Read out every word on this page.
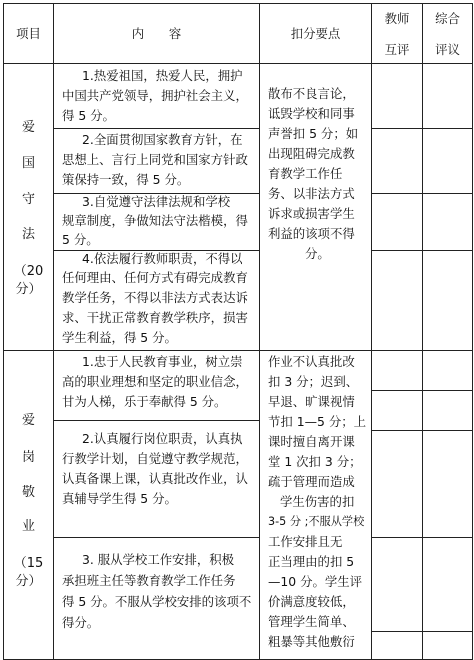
项目	内　　容	扣分要点
教师
互评
综合
评议
爱
国
守
法
（20
分）
1.热爱祖国，热爱人民，拥护
中国共产党领导，拥护社会主义，
得 5 分。
2.全面贯彻国家教育方针，在
思想上、言行上同党和国家方针政
策保持一致，得 5 分。
3.自觉遵守法律法规和学校
规章制度，争做知法守法楷模，得
5 分。
4.依法履行教师职责，不得以
任何理由、任何方式有碍完成教育
教学任务，不得以非法方式表达诉
求、干扰正常教育教学秩序，损害
学生利益，得 5 分。
散布不良言论，
诋毁学校和同事
声誉扣 5 分；如
出现阻碍完成教
育教学工作任
务、以非法方式
诉求或损害学生
利益的该项不得
分。
爱
岗
敬
业
（15
分）
1.忠于人民教育事业，树立崇
高的职业理想和坚定的职业信念，
甘为人梯，乐于奉献得 5 分。
2.认真履行岗位职责，认真执
行教学计划，自觉遵守教学规范，
认真备课上课，认真批改作业，认
真辅导学生得 5 分。
3. 服从学校工作安排，积极
承担班主任等教育教学工作任务
得 5 分。不服从学校安排的该项不
得分。
作业不认真批改
扣 3 分；迟到、
早退、旷课视情
节扣 1—5 分；上
课时擅自离开课
堂 1 次扣 3 分；
疏于管理而造成
学生伤害的扣
3-5 分 ;不服从学校
工作安排且无
正当理由的扣 5
—10 分。学生评
价满意度较低，
管理学生简单、
粗暴等其他敷衍
